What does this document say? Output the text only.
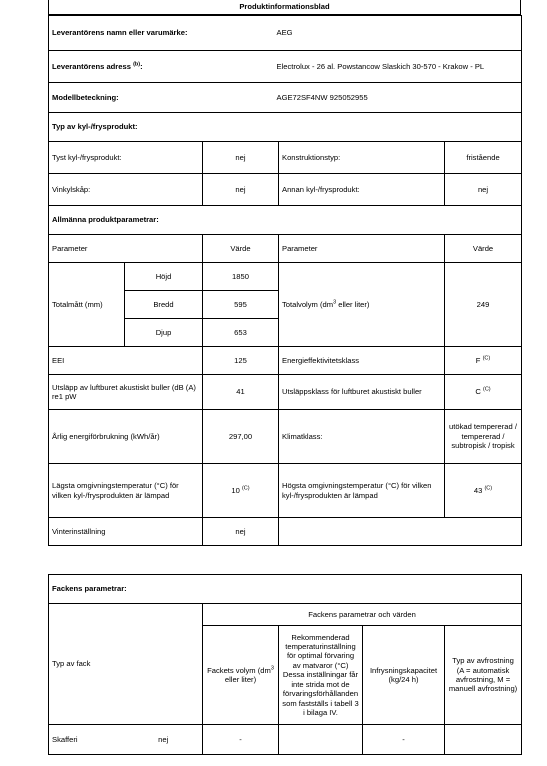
Produktinformationsblad
Leverantörens namn eller varumärke:	AEG
Leverantörens adress $^{(b)}$:	Electrolux - 26 al. Powstancow Slaskich 30-570 - Krakow - PL
Modellbeteckning:	AGE72SF4NW 925052955
Typ av kyl-/frysprodukt:			
Tyst kyl-/frysprodukt:	nej	Konstruktionstyp:	fristående
Vinkylskåp:	nej	Annan kyl-/frysprodukt:	nej
Allmänna produktparametrar:				
Parameter		Värde	Parameter	Värde
Totalmått (mm)	Höjd	1850	Totalvolym ($dm^3$ eller liter)	249
	Bredd	595		
	Djup	653		
EEI		125	Energieffektivitetsklass	F $^{(C)}$
Utsläpp av luftburet akustiskt buller (dB (A) re1 pW		41	Utsläppsklass för luftburet akustiskt buller	C $^{(C)}$
Årlig energiförbrukning (kWh/år)		297,00	Klimatklass:	utökad tempererad / tempererad / subtropisk / tropisk
Lägsta omgivningstemperatur (°C) för vilken kyl-/frysprodukten är lämpad		10 $^{(C)}$	Högsta omgivningstemperatur (°C) för vilken kyl-/frysprodukten är lämpad	43 $^{(C)}$
Vinterinställning		nej		
Fackens parametrar:					
Typ av fack		Fackens parametrar och värden			
		Fackets volym ($dm^3$ eller liter)	Rekommenderad temperaturinställning för optimal förvaring av matvaror (°C) Dessa inställningar får inte strida mot de förvaringsförhållanden som fastställs i tabell 3 i bilaga IV.	Infrysningskapacitet (kg/24 h)	Typ av avfrostning (A = automatisk avfrostning, M = manuell avfrostning)
Skafferi	nej	-		-	
